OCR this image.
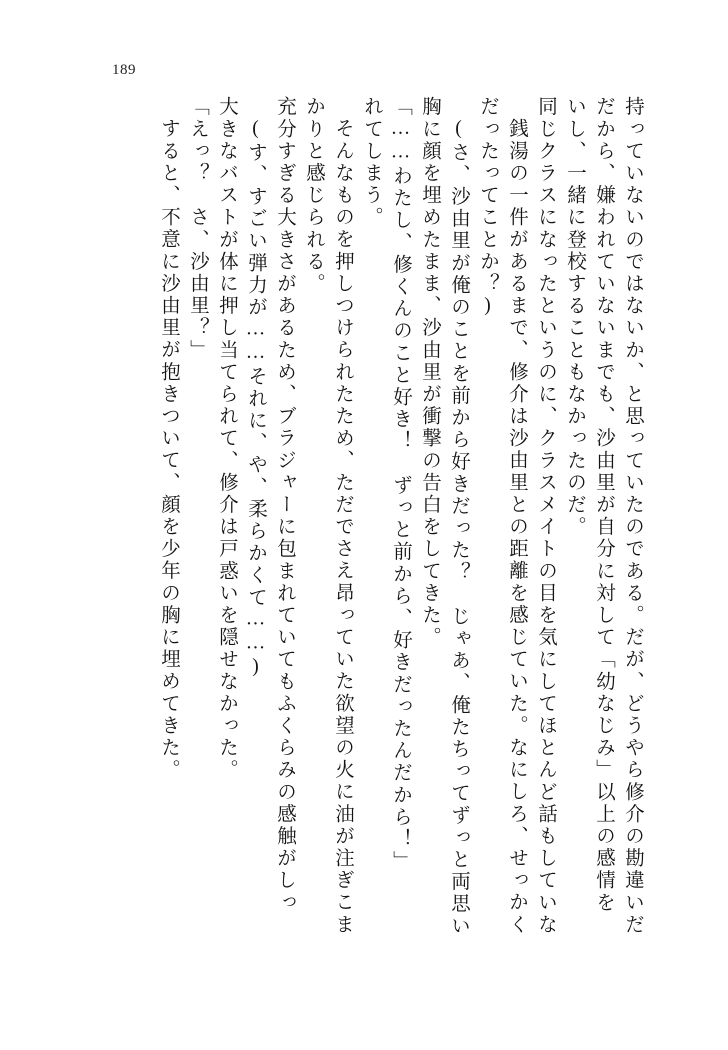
189
すると、不意に沙由里が抱きついて、顔を少年の胸に埋めてきた。 「えっ？　さ、沙由里？」 大きなバストが体に押し当てられて、修介は戸惑いを隠せなかった。 (す、すごい弾力が……それに、や、柔らかくて……) 充分すぎる大きさがあるため、ブラジャーに包まれていてもふくらみの感触がしっ かりと感じられる。 そんなものを押しつけられたため、ただでさえ昂っていた欲望の火に油が注ぎこま れてしまう。 「……わたし、修くんのこと好き！　ずっと前から、好きだったんだから！」 胸に顔を埋めたまま、沙由里が衝撃の告白をしてきた。 (さ、沙由里が俺のことを前から好きだった？　じゃあ、俺たちってずっと両思い だったってことか？) 銭湯の一件があるまで、修介は沙由里との距離を感じていた。なにしろ、せっかく 同じクラスになったというのに、クラスメイトの目を気にしてほとんど話もしていな いし、一緒に登校することもなかったのだ。 だから、嫌われていないまでも、沙由里が自分に対して「幼なじみ」以上の感情を 持っていないのではないか、と思っていたのである。だが、どうやら修介の勘違いだ
